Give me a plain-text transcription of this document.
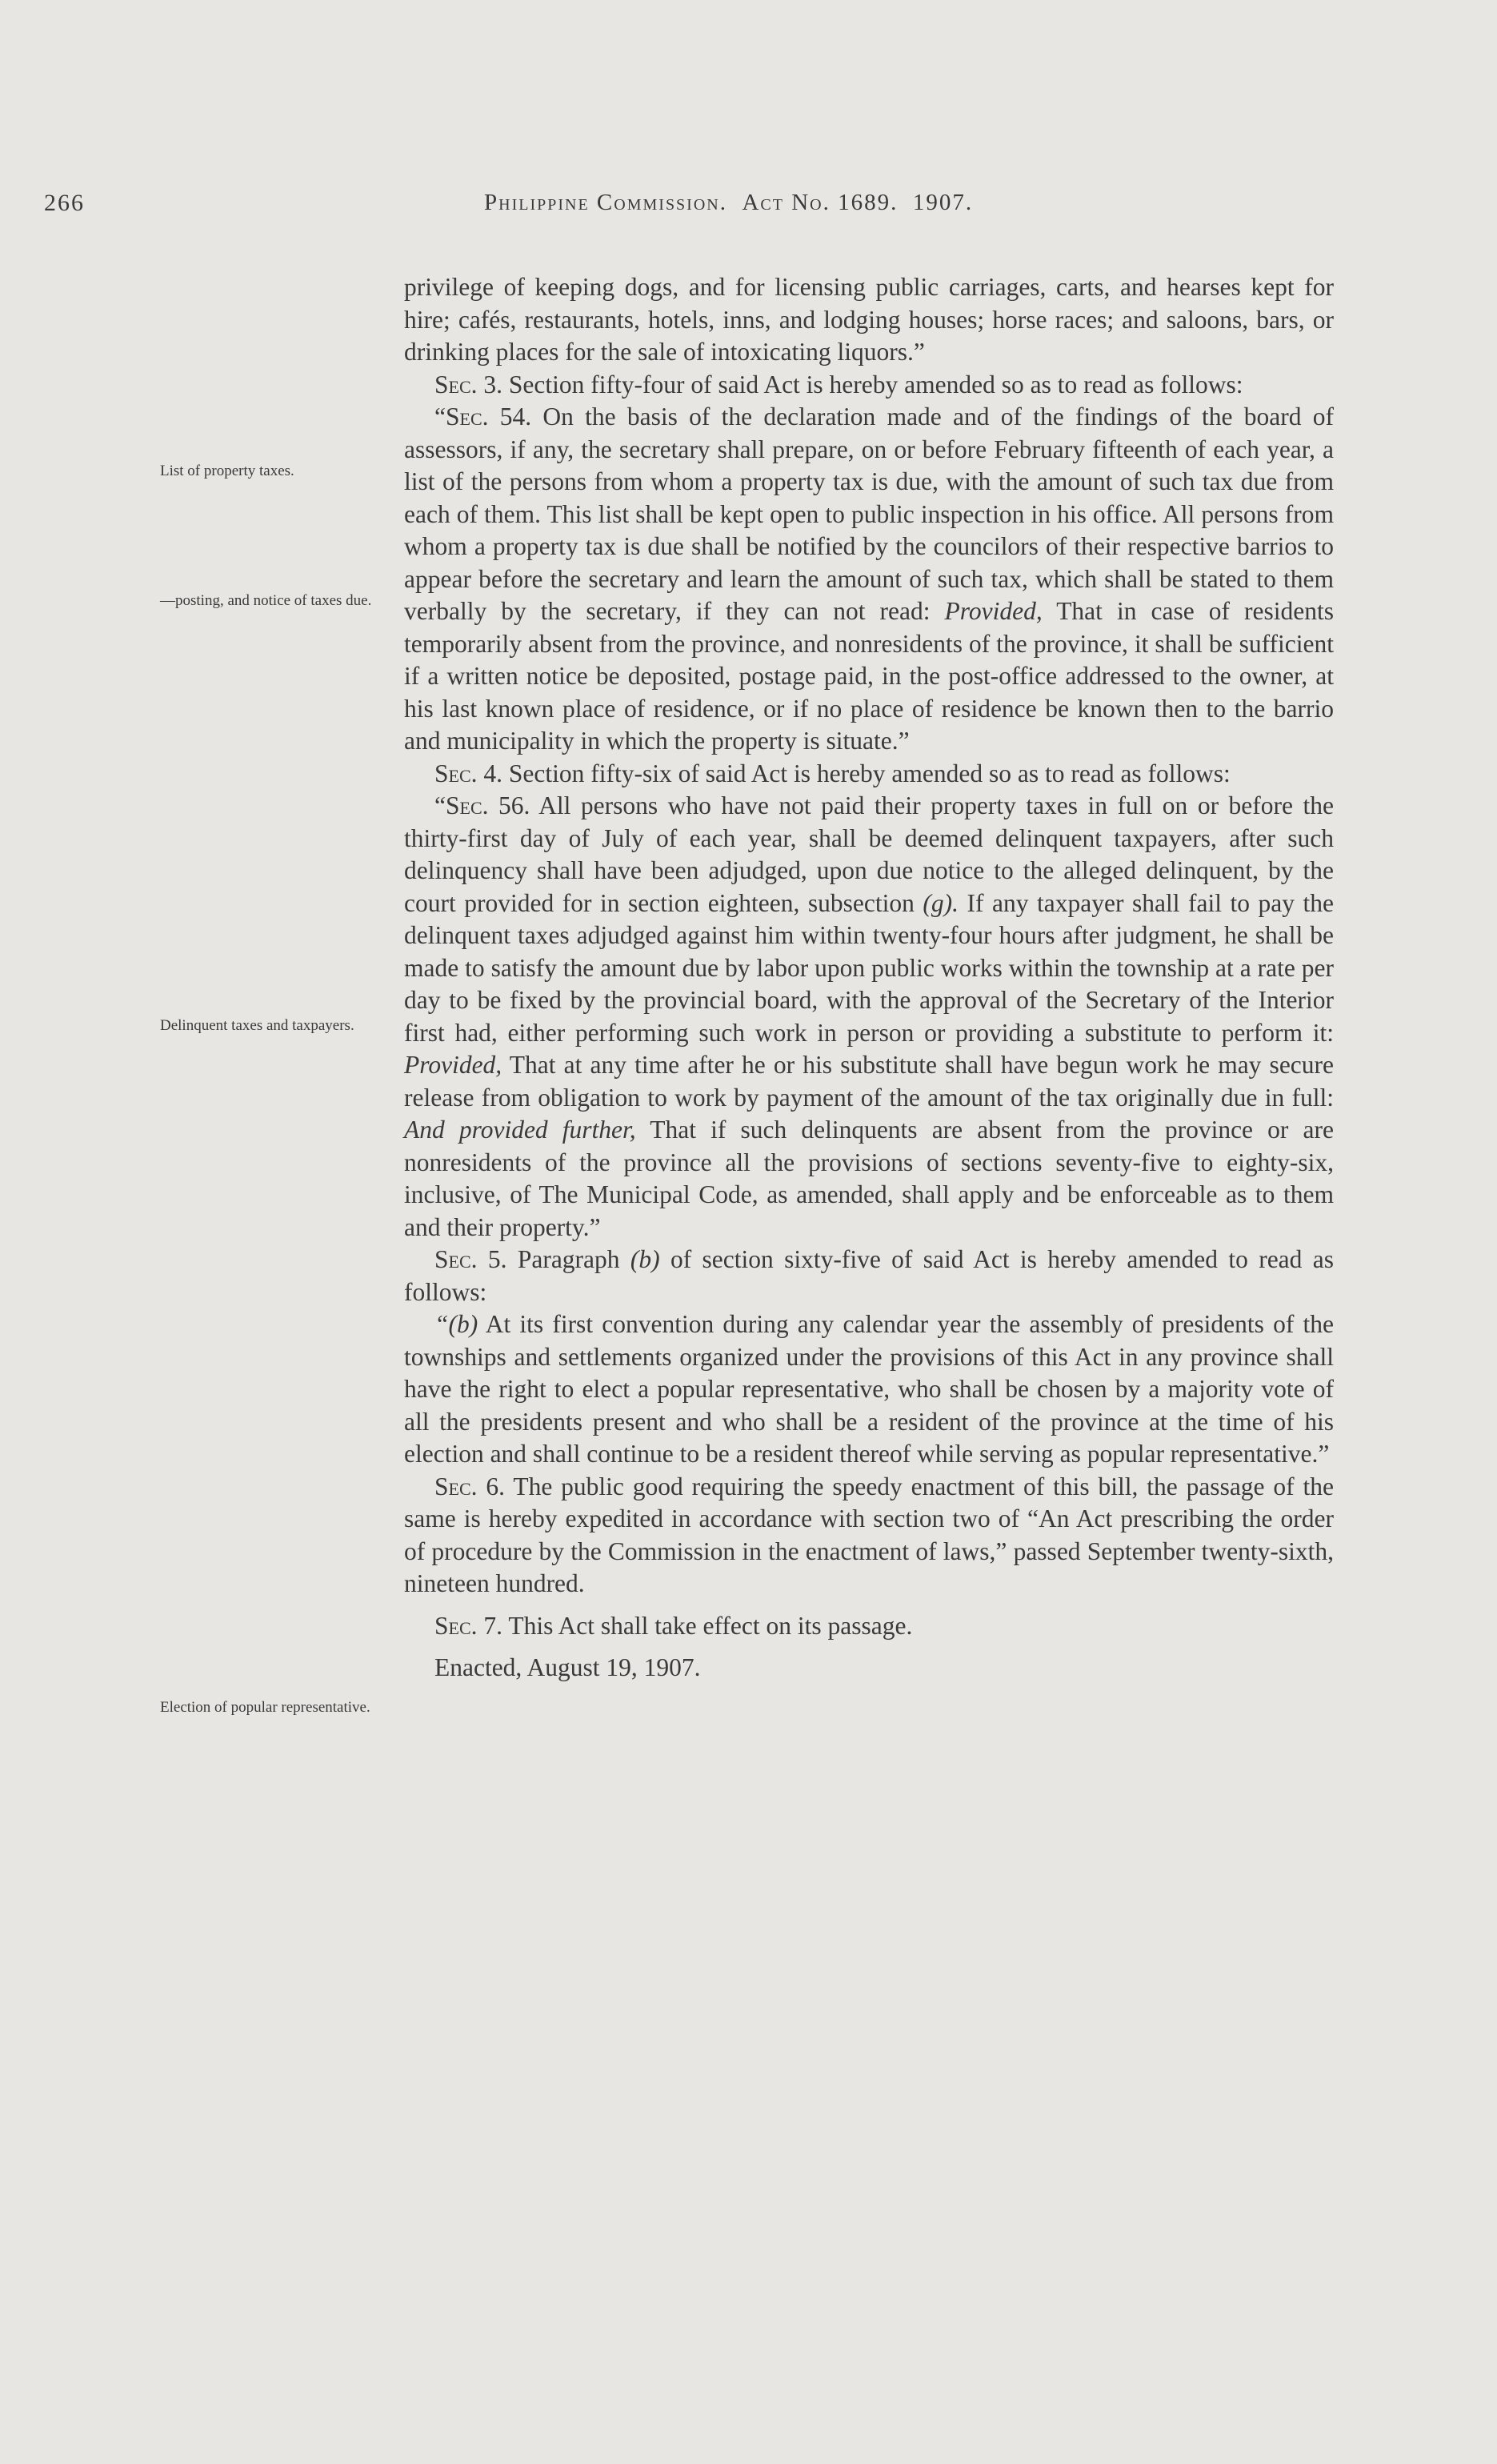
266	Philippine Commission. Act No. 1689. 1907.
List of property taxes.
—posting, and notice of taxes due.
Delinquent taxes and taxpayers.
Election of popular representative.

privilege of keeping dogs, and for licensing public carriages, carts, and hearses kept for hire; cafés, restaurants, hotels, inns, and lodging houses; horse races; and saloons, bars, or drinking places for the sale of intoxicating liquors.”

Sec. 3. Section fifty-four of said Act is hereby amended so as to read as follows:

“Sec. 54. On the basis of the declaration made and of the findings of the board of assessors, if any, the secretary shall prepare, on or before February fifteenth of each year, a list of the persons from whom a property tax is due, with the amount of such tax due from each of them. This list shall be kept open to public inspection in his office. All persons from whom a property tax is due shall be notified by the councilors of their respective barrios to appear before the secretary and learn the amount of such tax, which shall be stated to them verbally by the secretary, if they can not read: Provided, That in case of residents temporarily absent from the province, and nonresidents of the province, it shall be sufficient if a written notice be deposited, postage paid, in the post-office addressed to the owner, at his last known place of residence, or if no place of residence be known then to the barrio and municipality in which the property is situate.”

Sec. 4. Section fifty-six of said Act is hereby amended so as to read as follows:

“Sec. 56. All persons who have not paid their property taxes in full on or before the thirty-first day of July of each year, shall be deemed delinquent taxpayers, after such delinquency shall have been adjudged, upon due notice to the alleged delinquent, by the court provided for in section eighteen, subsection (g). If any taxpayer shall fail to pay the delinquent taxes adjudged against him within twenty-four hours after judgment, he shall be made to satisfy the amount due by labor upon public works within the township at a rate per day to be fixed by the provincial board, with the approval of the Secretary of the Interior first had, either performing such work in person or providing a substitute to perform it: Provided, That at any time after he or his substitute shall have begun work he may secure release from obligation to work by payment of the amount of the tax originally due in full: And provided further, That if such delinquents are absent from the province or are nonresidents of the province all the provisions of sections seventy-five to eighty-six, inclusive, of The Municipal Code, as amended, shall apply and be enforceable as to them and their property.”

Sec. 5. Paragraph (b) of section sixty-five of said Act is hereby amended to read as follows:

“(b) At its first convention during any calendar year the assembly of presidents of the townships and settlements organized under the provisions of this Act in any province shall have the right to elect a popular representative, who shall be chosen by a majority vote of all the presidents present and who shall be a resident of the province at the time of his election and shall continue to be a resident thereof while serving as popular representative.”

Sec. 6. The public good requiring the speedy enactment of this bill, the passage of the same is hereby expedited in accordance with section two of “An Act prescribing the order of procedure by the Commission in the enactment of laws,” passed September twenty-sixth, nineteen hundred.

Sec. 7. This Act shall take effect on its passage.

Enacted, August 19, 1907.
